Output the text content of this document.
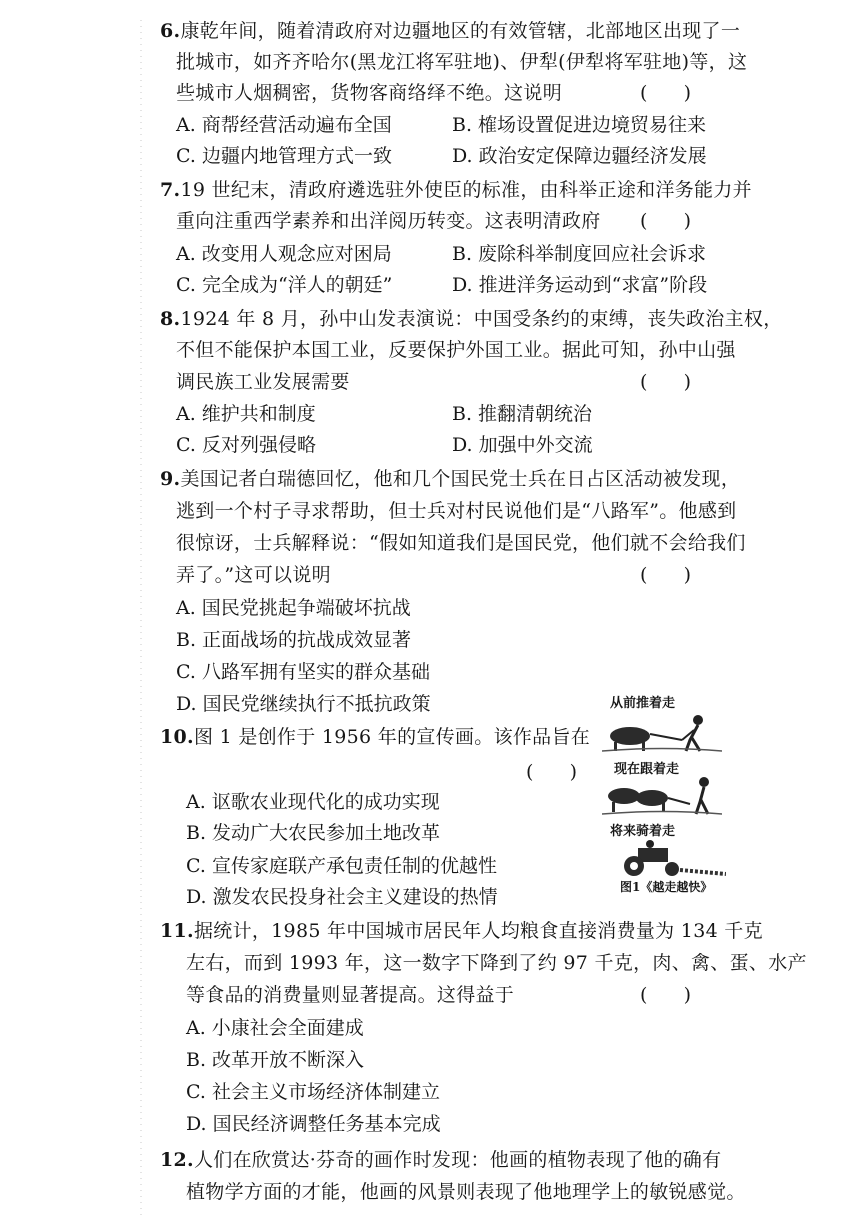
6.康乾年间，随着清政府对边疆地区的有效管辖，北部地区出现了一
批城市，如齐齐哈尔(黑龙江将军驻地)、伊犁(伊犁将军驻地)等，这
些城市人烟稠密，货物客商络绎不绝。这说明	(      )
A. 商帮经营活动遍布全国	B. 榷场设置促进边境贸易往来
C. 边疆内地管理方式一致	D. 政治安定保障边疆经济发展
7.19 世纪末，清政府遴选驻外使臣的标准，由科举正途和洋务能力并
重向注重西学素养和出洋阅历转变。这表明清政府 (      )
A. 改变用人观念应对困局	B. 废除科举制度回应社会诉求
C. 完全成为“洋人的朝廷”	D. 推进洋务运动到“求富”阶段
8.1924 年 8 月，孙中山发表演说：中国受条约的束缚，丧失政治主权，
不但不能保护本国工业，反要保护外国工业。据此可知，孙中山强
调民族工业发展需要	(      )
A. 维护共和制度	B. 推翻清朝统治
C. 反对列强侵略	D. 加强中外交流
9.美国记者白瑞德回忆，他和几个国民党士兵在日占区活动被发现，
逃到一个村子寻求帮助，但士兵对村民说他们是“八路军”。他感到
很惊讶，士兵解释说：“假如知道我们是国民党，他们就不会给我们
弄了。”这可以说明	(      )
A. 国民党挑起争端破坏抗战
B. 正面战场的抗战成效显著
C. 八路军拥有坚实的群众基础
D. 国民党继续执行不抵抗政策
10.图 1 是创作于 1956 年的宣传画。该作品旨在
(      )
A. 讴歌农业现代化的成功实现
B. 发动广大农民参加土地改革
C. 宣传家庭联产承包责任制的优越性
D. 激发农民投身社会主义建设的热情
从前推着走
现在跟着走
将来骑着走
图1《越走越快》
11.据统计，1985 年中国城市居民年人均粮食直接消费量为 134 千克
左右，而到 1993 年，这一数字下降到了约 97 千克，肉、禽、蛋、水产
等食品的消费量则显著提高。这得益于	(      )
A. 小康社会全面建成
B. 改革开放不断深入
C. 社会主义市场经济体制建立
D. 国民经济调整任务基本完成
12.人们在欣赏达·芬奇的画作时发现：他画的植物表现了他的确有
植物学方面的才能，他画的风景则表现了他地理学上的敏锐感觉。
